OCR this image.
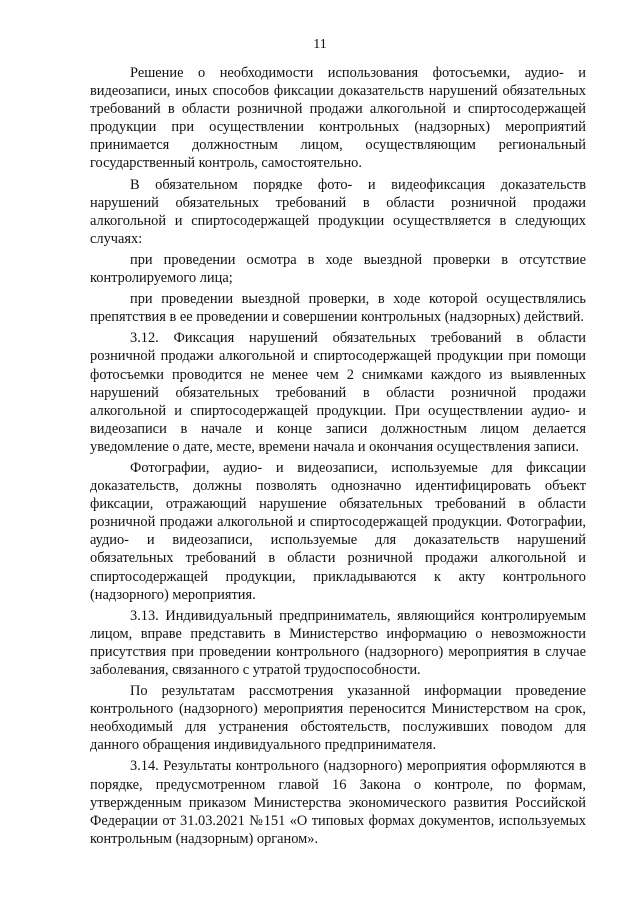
11

Решение о необходимости использования фотосъемки, аудио- и видеозаписи, иных способов фиксации доказательств нарушений обязательных требований в области розничной продажи алкогольной и спиртосодержащей продукции при осуществлении контрольных (надзорных) мероприятий принимается должностным лицом, осуществляющим региональный государственный контроль, самостоятельно.

В обязательном порядке фото- и видеофиксация доказательств нарушений обязательных требований в области розничной продажи алкогольной и спиртосодержащей продукции осуществляется в следующих случаях:

при проведении осмотра в ходе выездной проверки в отсутствие контролируемого лица;

при проведении выездной проверки, в ходе которой осуществлялись препятствия в ее проведении и совершении контрольных (надзорных) действий.

3.12. Фиксация нарушений обязательных требований в области розничной продажи алкогольной и спиртосодержащей продукции при помощи фотосъемки проводится не менее чем 2 снимками каждого из выявленных нарушений обязательных требований в области розничной продажи алкогольной и спиртосодержащей продукции. При осуществлении аудио- и видеозаписи в начале и конце записи должностным лицом делается уведомление о дате, месте, времени начала и окончания осуществления записи.

Фотографии, аудио- и видеозаписи, используемые для фиксации доказательств, должны позволять однозначно идентифицировать объект фиксации, отражающий нарушение обязательных требований в области розничной продажи алкогольной и спиртосодержащей продукции. Фотографии, аудио- и видеозаписи, используемые для доказательств нарушений обязательных требований в области розничной продажи алкогольной и спиртосодержащей продукции, прикладываются к акту контрольного (надзорного) мероприятия.

3.13. Индивидуальный предприниматель, являющийся контролируемым лицом, вправе представить в Министерство информацию о невозможности присутствия при проведении контрольного (надзорного) мероприятия в случае заболевания, связанного с утратой трудоспособности.

По результатам рассмотрения указанной информации проведение контрольного (надзорного) мероприятия переносится Министерством на срок, необходимый для устранения обстоятельств, послуживших поводом для данного обращения индивидуального предпринимателя.

3.14. Результаты контрольного (надзорного) мероприятия оформляются в порядке, предусмотренном главой 16 Закона о контроле, по формам, утвержденным приказом Министерства экономического развития Российской Федерации от 31.03.2021 №151 «О типовых формах документов, используемых контрольным (надзорным) органом».
